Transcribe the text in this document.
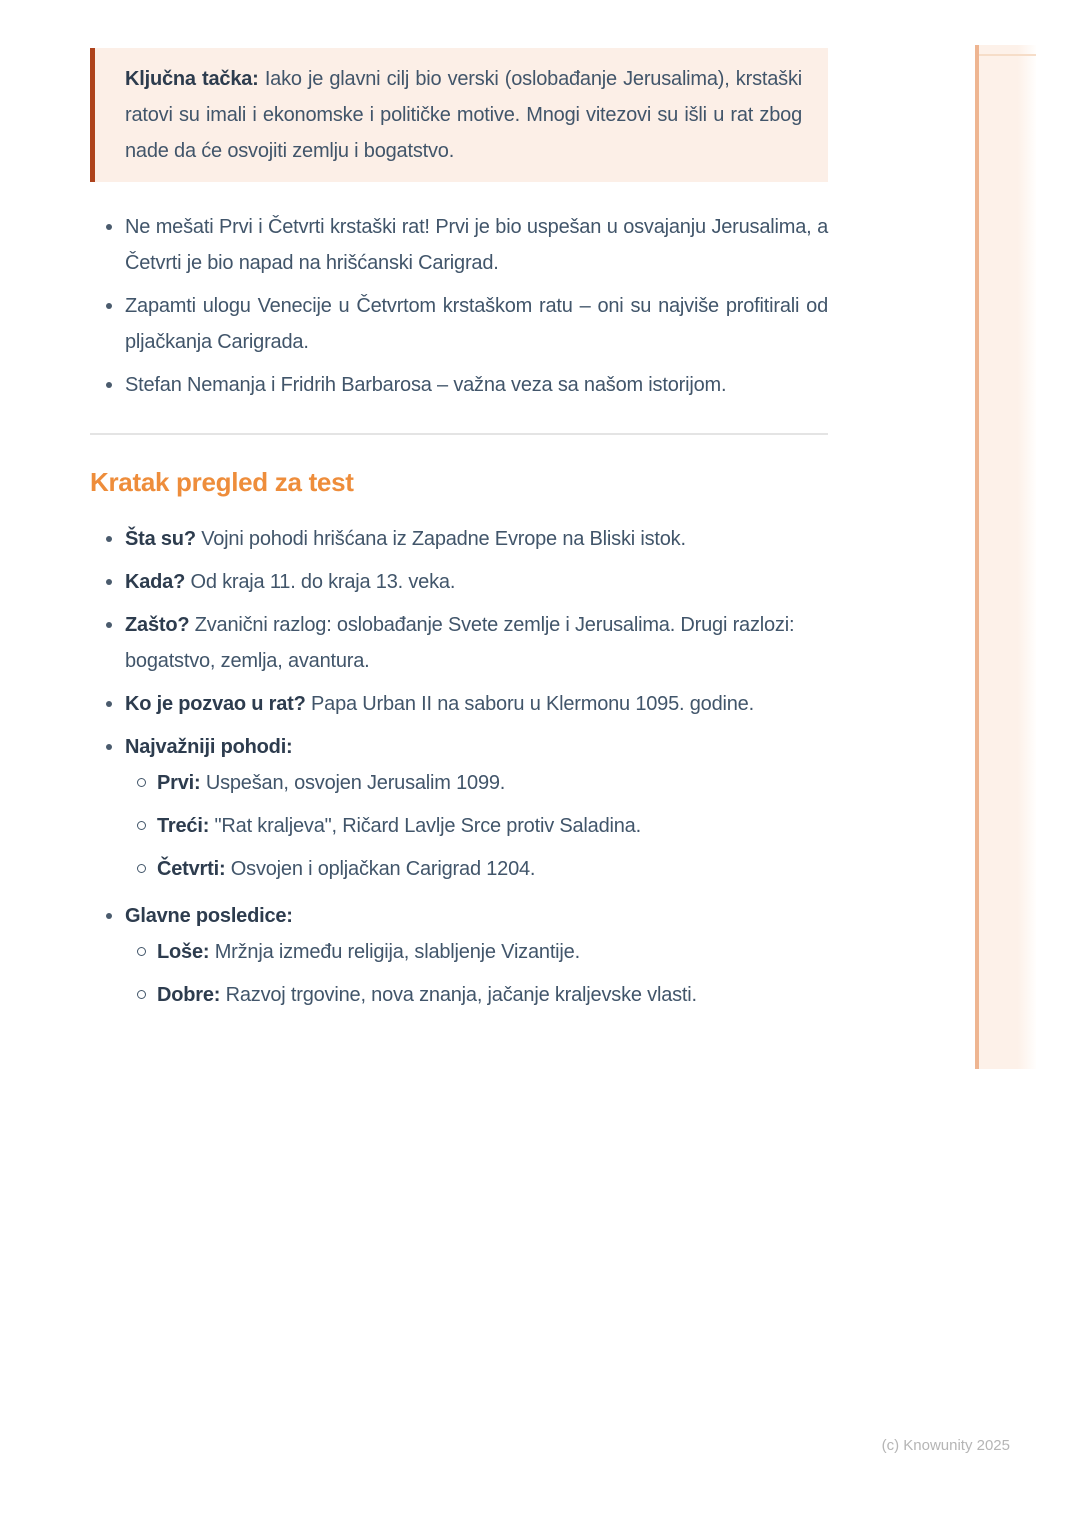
Ključna tačka: Iako je glavni cilj bio verski (oslobađanje Jerusalima), krstaški ratovi su imali i ekonomske i političke motive. Mnogi vitezovi su išli u rat zbog nade da će osvojiti zemlju i bogatstvo.

Ne mešati Prvi i Četvrti krstaški rat! Prvi je bio uspešan u osvajanju Jerusalima, a Četvrti je bio napad na hrišćanski Carigrad.
Zapamti ulogu Venecije u Četvrtom krstaškom ratu – oni su najviše profitirali od pljačkanja Carigrada.
Stefan Nemanja i Fridrih Barbarosa – važna veza sa našom istorijom.
Kratak pregled za test
Šta su? Vojni pohodi hrišćana iz Zapadne Evrope na Bliski istok.
Kada? Od kraja 11. do kraja 13. veka.
Zašto? Zvanični razlog: oslobađanje Svete zemlje i Jerusalima. Drugi razlozi: bogatstvo, zemlja, avantura.
Ko je pozvao u rat? Papa Urban II na saboru u Klermonu 1095. godine.
Najvažniji pohodi:
Prvi: Uspešan, osvojen Jerusalim 1099.
Treći: "Rat kraljeva", Ričard Lavlje Srce protiv Saladina.
Četvrti: Osvojen i opljačkan Carigrad 1204.
Glavne posledice:
Loše: Mržnja između religija, slabljenje Vizantije.
Dobre: Razvoj trgovine, nova znanja, jačanje kraljevske vlasti.
(c) Knowunity 2025
